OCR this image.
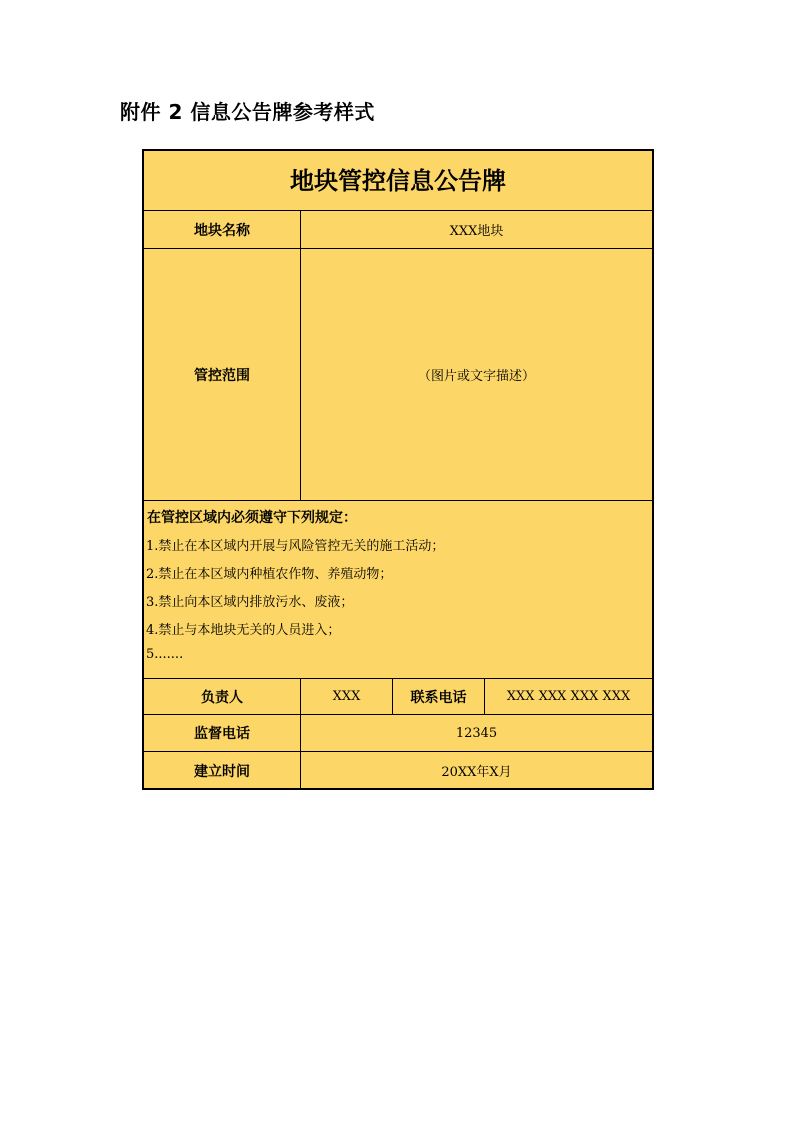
附件 2 信息公告牌参考样式
地块管控信息公告牌
地块名称	XXX地块
管控范围	（图片或文字描述）
在管控区域内必须遵守下列规定：
1.禁止在本区域内开展与风险管控无关的施工活动；
2.禁止在本区域内种植农作物、养殖动物；
3.禁止向本区域内排放污水、废液；
4.禁止与本地块无关的人员进入；
5.......
负责人	XXX	联系电话	XXX XXX XXX XXX
监督电话	12345
建立时间	20XX年X月
